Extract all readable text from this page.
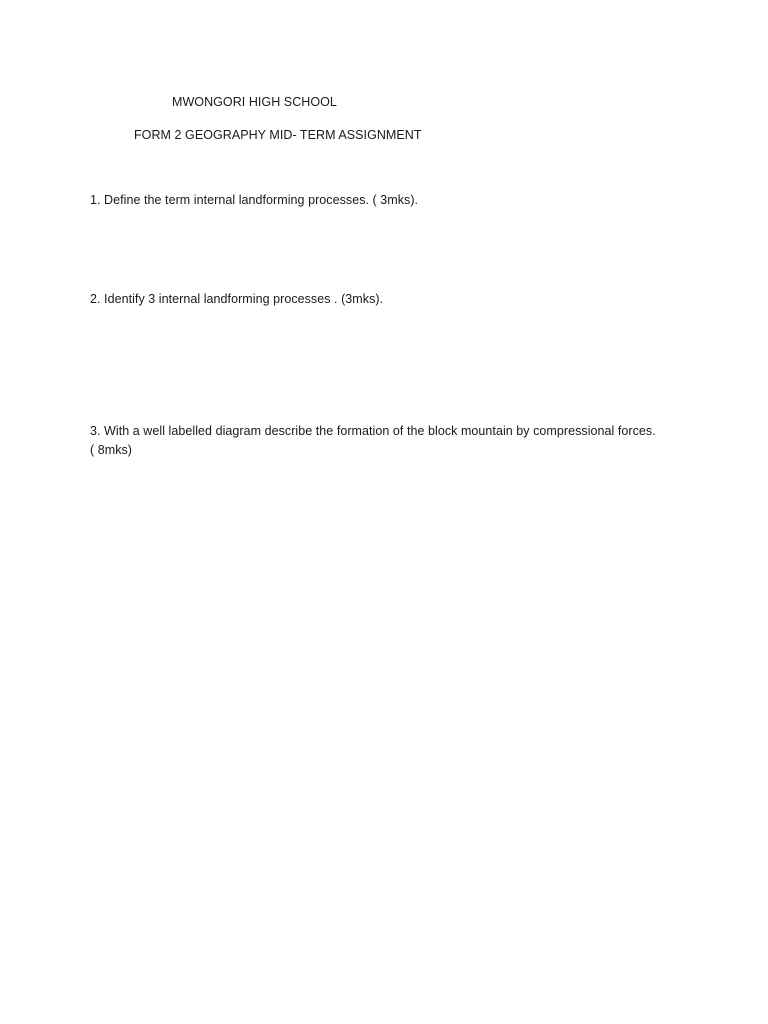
MWONGORI HIGH SCHOOL
FORM 2 GEOGRAPHY MID- TERM ASSIGNMENT
1. Define the term internal landforming processes. ( 3mks).
2. Identify 3 internal landforming processes . (3mks).
3. With a well labelled diagram describe the formation of the block mountain by compressional forces.
( 8mks)
